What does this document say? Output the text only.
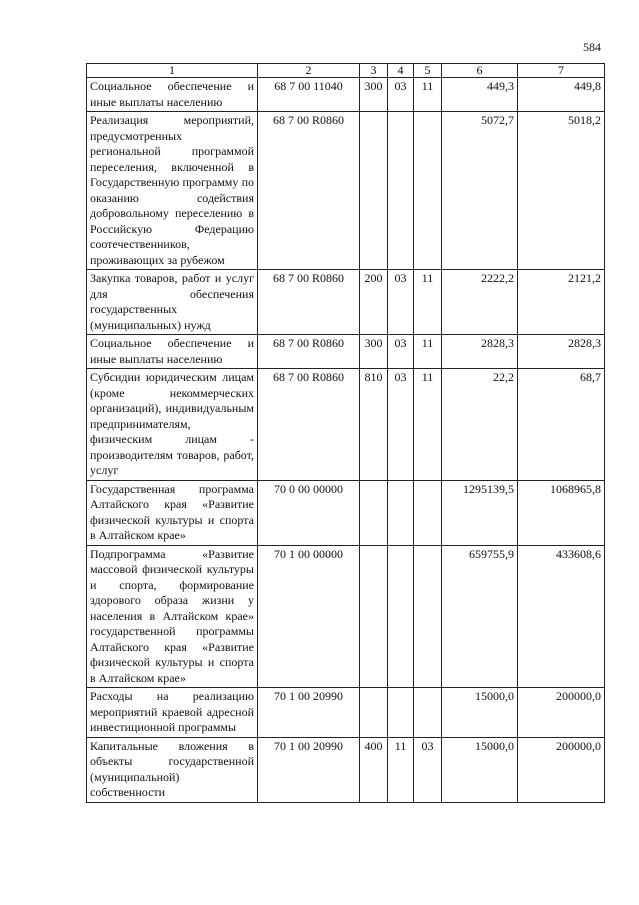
584
1	2	3	4	5	6	7
Социальное обеспечение и иные выплаты населению	68 7 00 11040	300	03	11	449,3	449,8
Реализация мероприятий, предусмотренных региональной программой переселения, включенной в Государственную программу по оказанию содействия добровольному переселению в Российскую Федерацию соотечественников, проживающих за рубежом	68 7 00 R0860				5072,7	5018,2
Закупка товаров, работ и услуг для обеспечения государственных (муниципальных) нужд	68 7 00 R0860	200	03	11	2222,2	2121,2
Социальное обеспечение и иные выплаты населению	68 7 00 R0860	300	03	11	2828,3	2828,3
Субсидии юридическим лицам (кроме некоммерческих организаций), индивидуальным предпринимателям, физическим лицам - производителям товаров, работ, услуг	68 7 00 R0860	810	03	11	22,2	68,7
Государственная программа Алтайского края «Развитие физической культуры и спорта в Алтайском крае»	70 0 00 00000				1295139,5	1068965,8
Подпрограмма «Развитие массовой физической культуры и спорта, формирование здорового образа жизни у населения в Алтайском крае» государственной программы Алтайского края «Развитие физической культуры и спорта в Алтайском крае»	70 1 00 00000				659755,9	433608,6
Расходы на реализацию мероприятий краевой адресной инвестиционной программы	70 1 00 20990				15000,0	200000,0
Капитальные вложения в объекты государственной (муниципальной) собственности	70 1 00 20990	400	11	03	15000,0	200000,0
